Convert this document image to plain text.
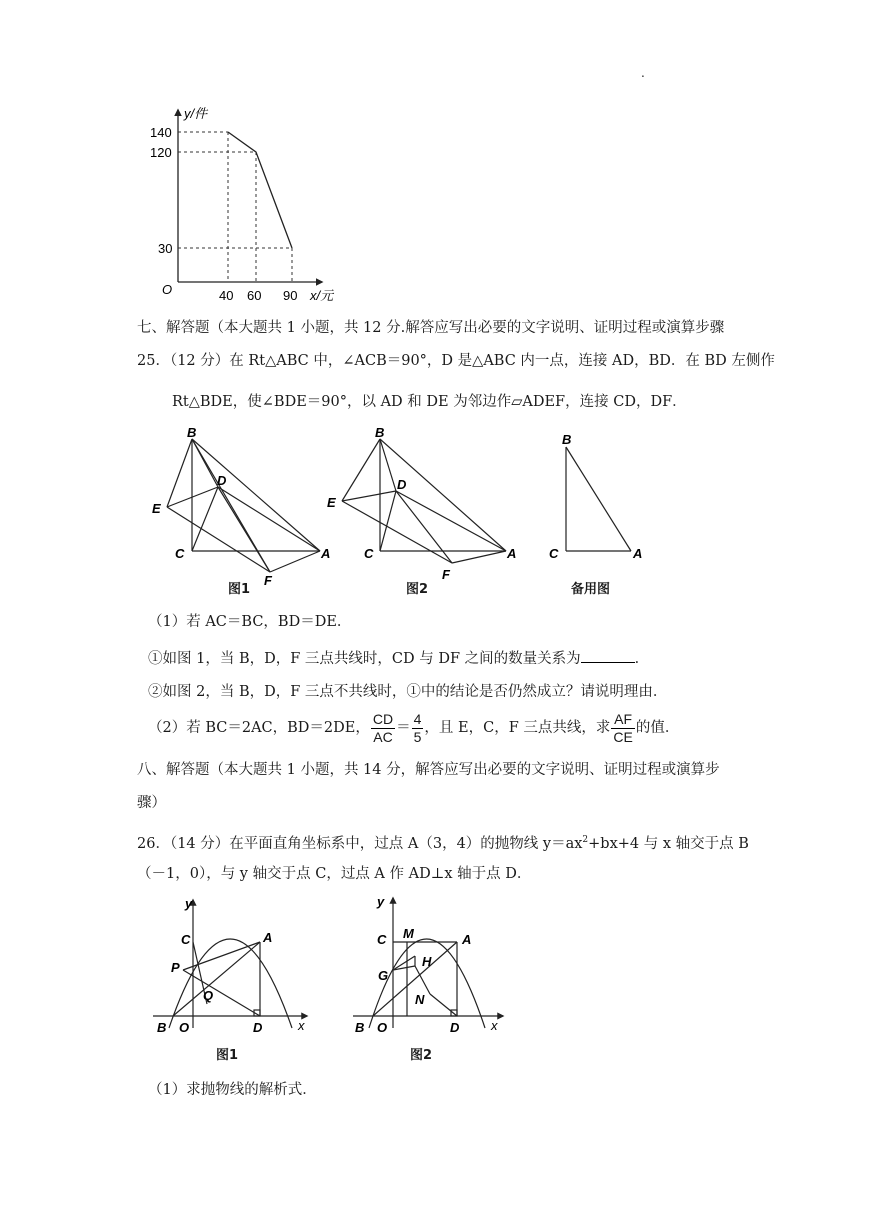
.
y/件
140
120
30
O	40 60 90 x/元
七、解答题（本大题共 1 小题，共 12 分.解答应写出必要的文字说明、证明过程或演算步骤
25．（12 分）在 Rt△ABC 中，∠ACB＝90°，D 是△ABC 内一点，连接 AD，BD．在 BD 左侧作
Rt△BDE，使∠BDE＝90°，以 AD 和 DE 为邻边作▱ADEF，连接 CD，DF．
B
D
E
C	A
F
图1
B
D
E
C	A
F
图2
B
C	A
备用图
（1）若 AC＝BC，BD＝DE．
①如图 1，当 B，D，F 三点共线时，CD 与 DF 之间的数量关系为	．
②如图 2，当 B，D，F 三点不共线时，①中的结论是否仍然成立？请说明理由．
（2）若 BC＝2AC，BD＝2DE， $\frac{CD}{AC} = \frac{4}{5}$ ，且 E，C，F 三点共线，求 $\frac{AF}{CE}$ 的值．
八、解答题（本大题共 1 小题，共 14 分，解答应写出必要的文字说明、证明过程或演算步
骤）
26．（14 分）在平面直角坐标系中，过点 A（3，4）的抛物线 $y=ax^2+bx+4$ 与 x 轴交于点 B
（－1，0），与 y 轴交于点 C，过点 A 作 AD⊥x 轴于点 D．
y
C	A
P
Q
B O	D	x
图1
y
C M	A
G
H
N
B O	D x
图2
（1）求抛物线的解析式．
